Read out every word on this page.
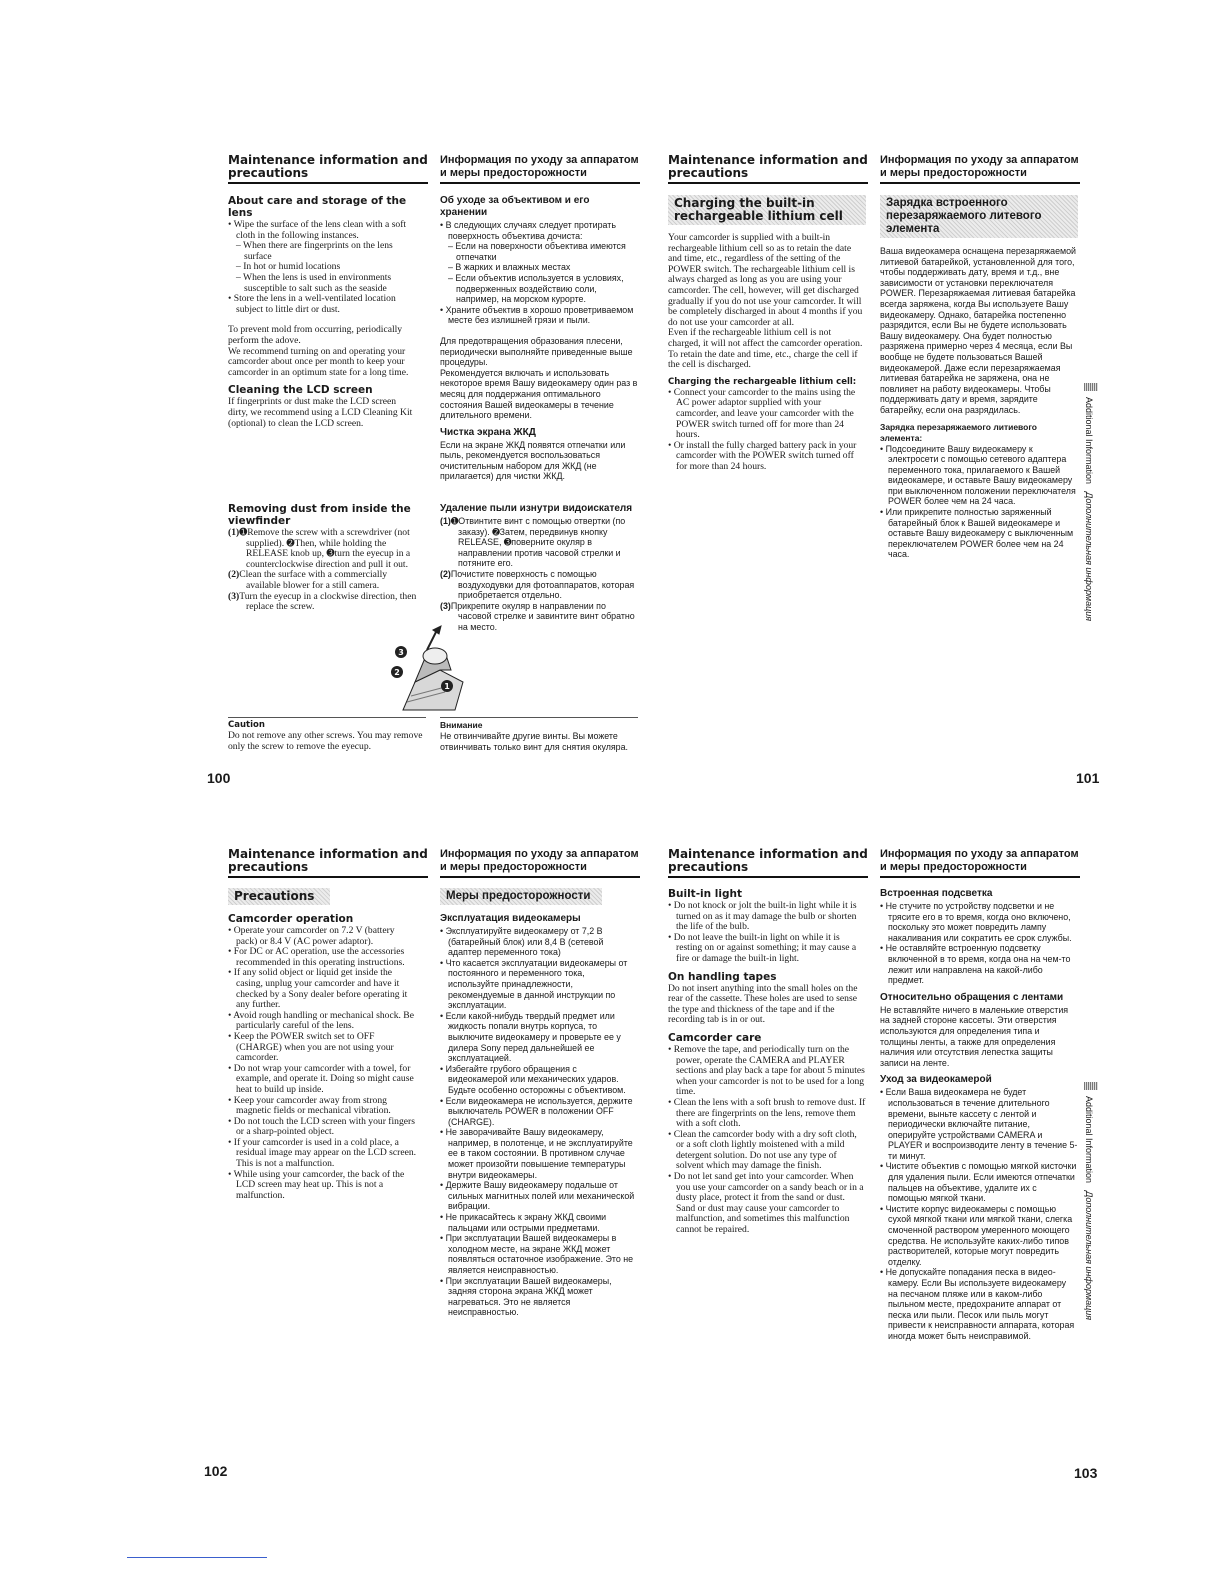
Maintenance information and precautions
Информация по уходу за аппаратом и меры предосторожности
About care and storage of the lens
• Wipe the surface of the lens clean with a soft cloth in the following instances.
– When there are fingerprints on the lens surface
– In hot or humid locations
– When the lens is used in environments susceptible to salt such as the seaside
• Store the lens in a well-ventilated location subject to little dirt or dust.

To prevent mold from occurring, periodically perform the adove.

We recommend turning on and operating your camcorder about once per month to keep your camcorder in an optimum state for a long time.

Cleaning the LCD screen

If fingerprints or dust make the LCD screen dirty, we recommend using a LCD Cleaning Kit (optional) to clean the LCD screen.

Removing dust from inside the viewfinder
(1)➊Remove the screw with a screwdriver (not supplied). ➋Then, while holding the RELEASE knob up, ➌turn the eyecup in a counterclockwise direction and pull it out.
(2)Clean the surface with a commercially available blower for a still camera.
(3)Turn the eyecup in a clockwise direction, then replace the screw.
Об уходе за объективом и его хранении
• В следующих случаях следует протирать поверхность объектива дочиста:
– Если на поверхности объектива имеются отпечатки
– В жарких и влажных местах
– Если объектив используется в условиях, подверженных воздействию соли, например, на морском курорте.
• Храните объектив в хорошо проветриваемом месте без излишней грязи и пыли.

Для предотвращения образования плесени, периодически выполняйте приведенные выше процедуры.

Рекомендуется включать и использовать некоторое время Вашу видеокамеру один раз в месяц для поддержания оптимального состояния Вашей видеокамеры в течение длительного времени.

Чистка экрана ЖКД

Если на экране ЖКД появятся отпечатки или пыль, рекомендуется воспользоваться очистительным набором для ЖКД (не прилагается) для чистки ЖКД.

Удаление пыли изнутри видоискателя
(1)➊Отвинтите винт с помощью отвертки (по заказу). ➋Затем, передвинув кнопку RELEASE, ➌поверните окуляр в направлении против часовой стрелки и потяните его.
(2)Почистите поверхность с помощью воздуходувки для фотоаппаратов, которая приобретается отдельно.
(3)Прикрепите окуляр в направлении по часовой стрелке и завинтите винт обратно на место.
3
2
1
Caution

Do not remove any other screws. You may remove only the screw to remove the eyecup.

Внимание

Не отвинчивайте другие винты. Вы можете отвинчивать только винт для снятия окуляра.

100
Maintenance information and precautions
Информация по уходу за аппаратом и меры предосторожности
Charging the built-in rechargeable lithium cell

Your camcorder is supplied with a built-in rechargeable lithium cell so as to retain the date and time, etc., regardless of the setting of the POWER switch. The rechargeable lithium cell is always charged as long as you are using your camcorder. The cell, however, will get discharged gradually if you do not use your camcorder. It will be completely discharged in about 4 months if you do not use your camcorder at all.

Even if the rechargeable lithium cell is not charged, it will not affect the camcorder operation. To retain the date and time, etc., charge the cell if the cell is discharged.

Charging the rechargeable lithium cell:
• Connect your camcorder to the mains using the AC power adaptor supplied with your camcorder, and leave your camcorder with the POWER switch turned off for more than 24 hours.
• Or install the fully charged battery pack in your camcorder with the POWER switch turned off for more than 24 hours.
Зарядка встроенного перезаряжаемого литевого элемента

Ваша видеокамера оснащена перезаряжаемой литиевой батарейкой, установленной для того, чтобы поддерживать дату, время и т.д., вне зависимости от установки переключателя POWER. Перезаряжаемая литиевая батарейка всегда заряжена, когда Вы используете Вашу видеокамеру. Однако, батарейка постепенно разрядится, если Вы не будете использовать Вашу видеокамеру. Она будет полностью разряжена примерно через 4 месяца, если Вы вообще не будете пользоваться Вашей видеокамерой. Даже если перезаряжаемая литиевая батарейка не заряжена, она не повлияет на работу видеокамеры. Чтобы поддерживать дату и время, зарядите батарейку, если она разрядилась.

Зарядка перезаряжаемого литиевого элемента:
• Подсоедините Вашу видеокамеру к электросети с помощью сетевого адаптера переменного тока, прилагаемого к Вашей видеокамере, и оставьте Вашу видеокамеру при выключенном положении переключателя POWER более чем на 24 часа.
• Или прикрепите полностью заряженный батарейный блок к Вашей видеокамере и оставьте Вашу видеокамеру с выключенным переключателем POWER более чем на 24 часа.
Additional Information
Дополнительная информация
101
Maintenance information and precautions
Информация по уходу за аппаратом и меры предосторожности
Precautions
Camcorder operation
• Operate your camcorder on 7.2 V (battery pack) or 8.4 V (AC power adaptor).
• For DC or AC operation, use the accessories recommended in this operating instructions.
• If any solid object or liquid get inside the casing, unplug your camcorder and have it checked by a Sony dealer before operating it any further.
• Avoid rough handling or mechanical shock. Be particularly careful of the lens.
• Keep the POWER switch set to OFF (CHARGE) when you are not using your camcorder.
• Do not wrap your camcorder with a towel, for example, and operate it. Doing so might cause heat to build up inside.
• Keep your camcorder away from strong magnetic fields or mechanical vibration.
• Do not touch the LCD screen with your fingers or a sharp-pointed object.
• If your camcorder is used in a cold place, a residual image may appear on the LCD screen. This is not a malfunction.
• While using your camcorder, the back of the LCD screen may heat up. This is not a malfunction.
Меры предосторожности
Эксплуатация видеокамеры
• Эксплуатируйте видеокамеру от 7,2 В (батарейный блок) или 8,4 В (сетевой адаптер переменного тока)
• Что касается эксплуатации видеокамеры от постоянного и переменного тока, используйте принадлежности, рекомендуемые в данной инструкции по эксплуатации.
• Если какой-нибудь твердый предмет или жидкость попали внутрь корпуса, то выключите видеокамеру и проверьте ее у дилера Sony перед дальнейшей ее эксплуатацией.
• Избегайте грубого обращения с видеокамерой или механических ударов. Будьте особенно осторожны с объективом.
• Если видеокамера не используется, держите выключатель POWER в положении OFF (CHARGE).
• Не заворачивайте Вашу видеокамеру, например, в полотенце, и не эксплуатируйте ее в таком состоянии. В противном случае может произойти повышение температуры внутри видеокамеры.
• Держите Вашу видеокамеру подальше от сильных магнитных полей или механической вибрации.
• Не прикасайтесь к экрану ЖКД своими пальцами или острыми предметами.
• При эксплуатации Вашей видеокамеры в холодном месте, на экране ЖКД может появляться остаточное изображение. Это не является неисправностью.
• При эксплуатации Вашей видеокамеры, задняя сторона экрана ЖКД может нагреваться. Это не является неисправностью.
102
Maintenance information and precautions
Информация по уходу за аппаратом и меры предосторожности
Built-in light
• Do not knock or jolt the built-in light while it is turned on as it may damage the bulb or shorten the life of the bulb.
• Do not leave the built-in light on while it is resting on or against something; it may cause a fire or damage the built-in light.
On handling tapes

Do not insert anything into the small holes on the rear of the cassette. These holes are used to sense the type and thickness of the tape and if the recording tab is in or out.

Camcorder care
• Remove the tape, and periodically turn on the power, operate the CAMERA and PLAYER sections and play back a tape for about 5 minutes when your camcorder is not to be used for a long time.
• Clean the lens with a soft brush to remove dust. If there are fingerprints on the lens, remove them with a soft cloth.
• Clean the camcorder body with a dry soft cloth, or a soft cloth lightly moistened with a mild detergent solution. Do not use any type of solvent which may damage the finish.
• Do not let sand get into your camcorder. When you use your camcorder on a sandy beach or in a dusty place, protect it from the sand or dust. Sand or dust may cause your camcorder to malfunction, and sometimes this malfunction cannot be repaired.
Встроенная подсветка
• Не стучите по устройству подсветки и не трясите его в то время, когда оно включено, поскольку это может повредить лампу накаливания или сократить ее срок службы.
• Не оставляйте встроенную подсветку включенной в то время, когда она на чем-то лежит или направлена на какой-либо предмет.
Относительно обращения с лентами

Не вставляйте ничего в маленькие отверстия на задней стороне кассеты. Эти отверстия используются для определения типа и толщины ленты, а также для определения наличия или отсутствия лепестка защиты записи на ленте.

Уход за видеокамерой
• Если Ваша видеокамера не будет использоваться в течение длительного времени, выньте кассету с лентой и периодически включайте питание, оперируйте устройствами CAMERA и PLAYER и воспроизводите ленту в течение 5-ти минут.
• Чистите объектив с помощью мягкой кисточки для удаления пыли. Если имеются отпечатки пальцев на объективе, удалите их с помощью мягкой ткани.
• Чистите корпус видеокамеры с помощью сухой мягкой ткани или мягкой ткани, слегка смоченной раствором умеренного моющего средства. Не используйте каких-либо типов растворителей, которые могут повредить отделку.
• Не допускайте попадания песка в видео-камеру. Если Вы используете видеокамеру на песчаном пляже или в каком-либо пыльном месте, предохраните аппарат от песка или пыли. Песок или пыль могут привести к неисправности аппарата, которая иногда может быть неисправимой.
Additional Information
Дополнительная информация
103
